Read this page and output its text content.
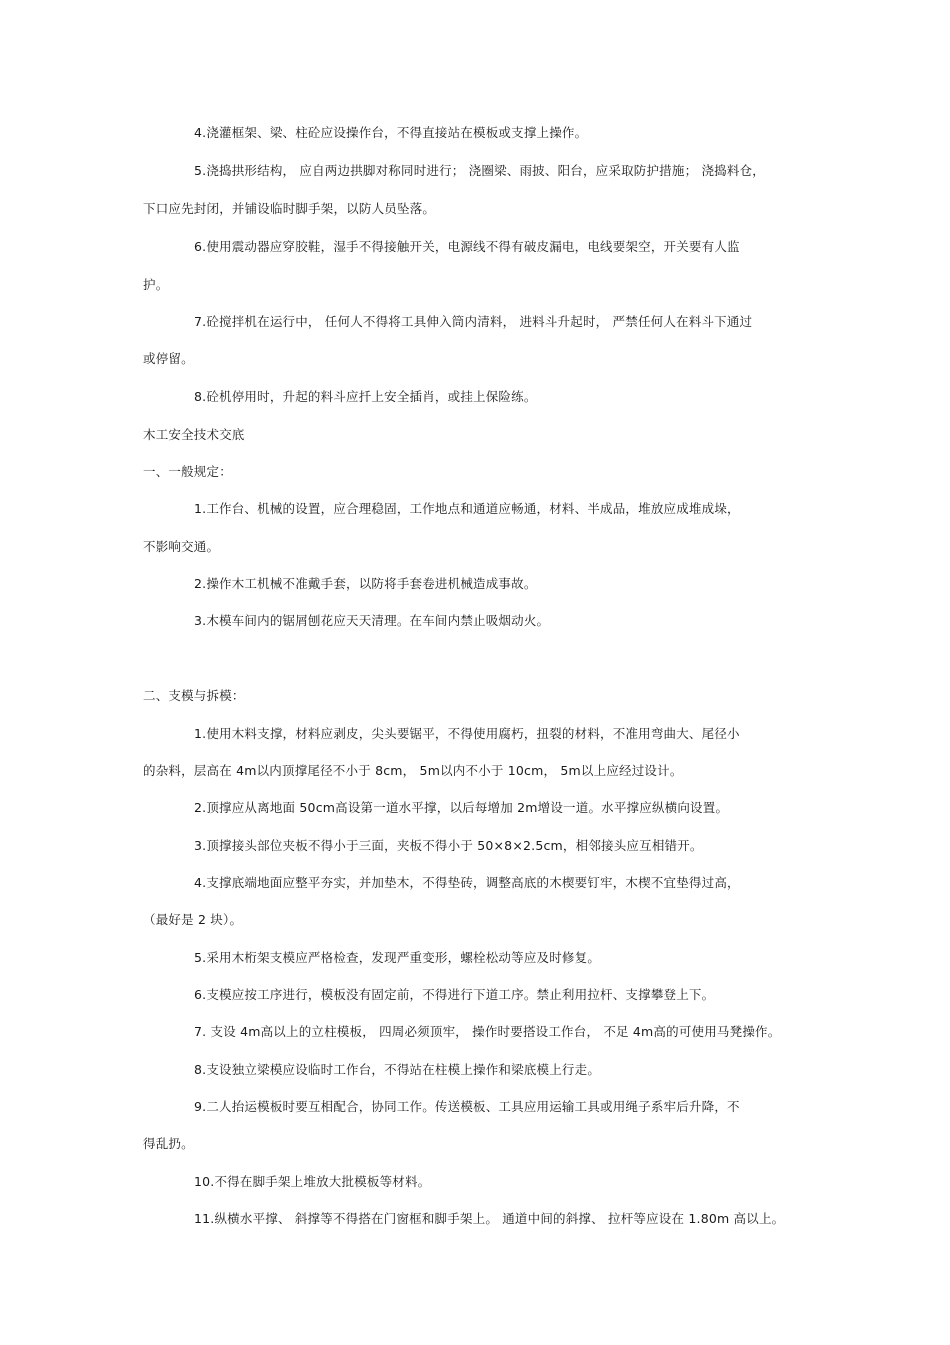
4.浇灌框架、梁、柱砼应设操作台，不得直接站在模板或支撑上操作。
5.浇捣拱形结构， 应自两边拱脚对称同时进行； 浇圈梁、雨披、阳台，应采取防护措施； 浇捣料仓，
下口应先封闭，并铺设临时脚手架，以防人员坠落。
6.使用震动器应穿胶鞋，湿手不得接触开关，电源线不得有破皮漏电，电线要架空，开关要有人监
护。
7.砼搅拌机在运行中， 任何人不得将工具伸入筒内清料， 进料斗升起时， 严禁任何人在料斗下通过
或停留。
8.砼机停用时，升起的料斗应扦上安全插肖，或挂上保险练。
木工安全技术交底
一、一般规定：
1.工作台、机械的设置，应合理稳固，工作地点和通道应畅通，材料、半成品，堆放应成堆成垛，
不影响交通。
2.操作木工机械不准戴手套，以防将手套卷进机械造成事故。
3.木模车间内的锯屑刨花应天天清理。在车间内禁止吸烟动火。
二、支模与拆模：
1.使用木料支撑，材料应剥皮，尖头要锯平，不得使用腐朽，扭裂的材料，不准用弯曲大、尾径小
的杂料，层高在 4m以内顶撑尾径不小于 8cm， 5m以内不小于 10cm， 5m以上应经过设计。
2.顶撑应从离地面 50cm高设第一道水平撑，以后每增加 2m增设一道。水平撑应纵横向设置。
3.顶撑接头部位夹板不得小于三面，夹板不得小于 50×8×2.5cm，相邻接头应互相错开。
4.支撑底端地面应整平夯实，并加垫木，不得垫砖，调整高底的木楔要钉牢，木楔不宜垫得过高，
（最好是 2 块）。
5.采用木桁架支模应严格检查，发现严重变形，螺栓松动等应及时修复。
6.支模应按工序进行，模板没有固定前，不得进行下道工序。禁止利用拉杆、支撑攀登上下。
7. 支设 4m高以上的立柱模板， 四周必须顶牢， 操作时要搭设工作台， 不足 4m高的可使用马凳操作。
8.支设独立梁模应设临时工作台，不得站在柱模上操作和梁底模上行走。
9.二人抬运模板时要互相配合，协同工作。传送模板、工具应用运输工具或用绳子系牢后升降，不
得乱扔。
10.不得在脚手架上堆放大批模板等材料。
11.纵横水平撑、 斜撑等不得搭在门窗框和脚手架上。 通道中间的斜撑、 拉杆等应设在 1.80m 高以上。
